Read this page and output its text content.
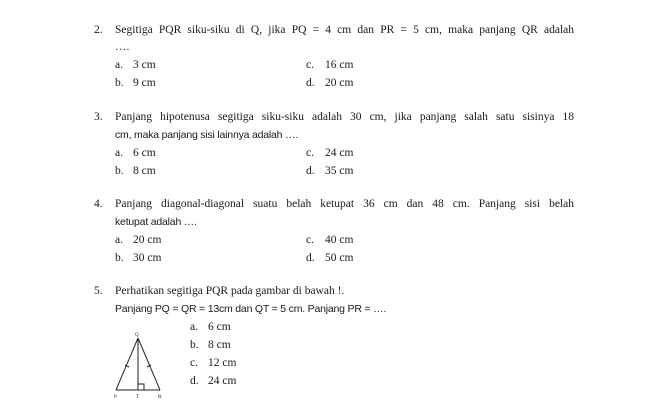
2. Segitiga PQR siku-siku di Q, jika PQ = 4 cm dan PR = 5 cm, maka panjang QR adalah
….
a. 3 cm
b. 9 cm
c. 16 cm
d. 20 cm
3. Panjang hipotenusa segitiga siku-siku adalah 30 cm, jika panjang salah satu sisinya 18
cm, maka panjang sisi lainnya adalah ….
a. 6 cm
b. 8 cm
c. 24 cm
d. 35 cm
4. Panjang diagonal-diagonal suatu belah ketupat 36 cm dan 48 cm. Panjang sisi belah
ketupat adalah ….
a. 20 cm
b. 30 cm
c. 40 cm
d. 50 cm
5. Perhatikan segitiga PQR pada gambar di bawah !.
Panjang PQ = QR = 13cm dan QT = 5 cm. Panjang PR = ….
a. 6 cm
b. 8 cm
c. 12 cm
d. 24 cm
Q
P	T	R
